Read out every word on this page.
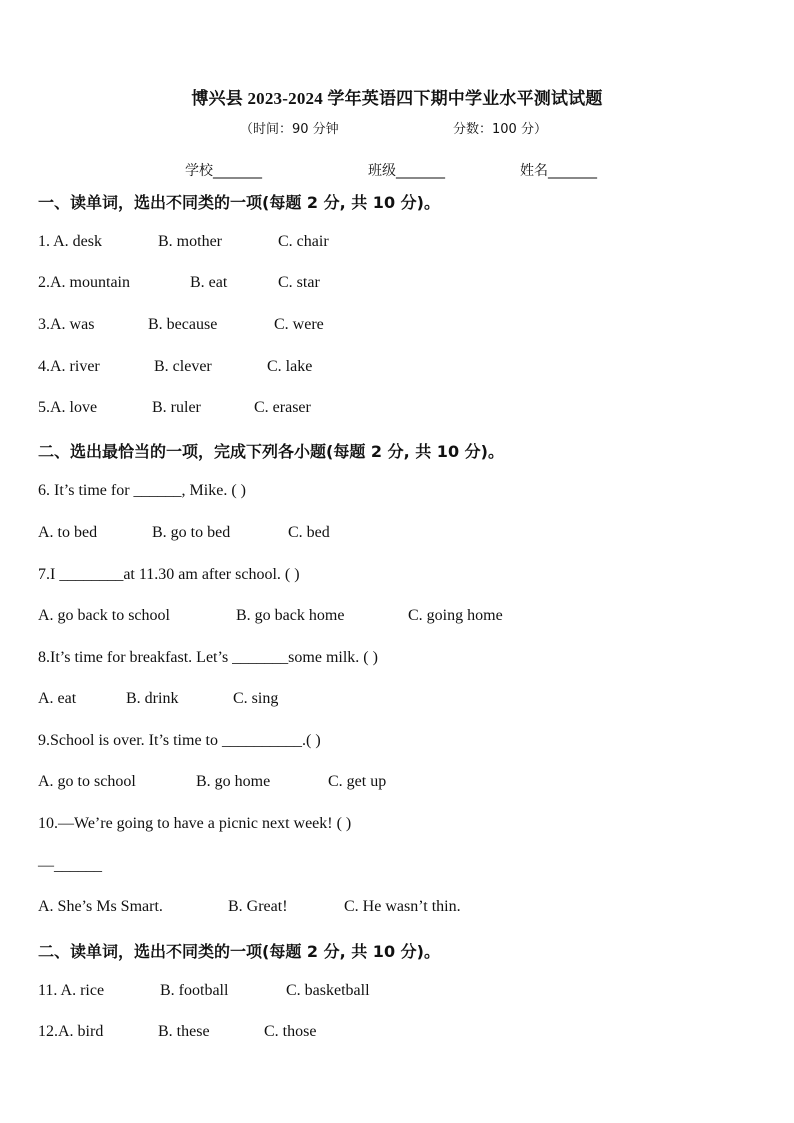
博兴县 2023-2024 学年英语四下期中学业水平测试试题
（时间：90 分钟	分数：100 分）
学校_______	班级_______	姓名_______
一、读单词，选出不同类的一项(每题 2 分, 共 10 分)。
1. A. desk	B. mother	C. chair
2.A. mountain	B. eat	C. star
3.A. was	B. because	C. were
4.A. river	B. clever	C. lake
5.A. love	B. ruler	C. eraser
二、选出最恰当的一项，完成下列各小题(每题 2 分, 共 10 分)。
6. It’s time for ______, Mike. ( )
A. to bed	B. go to bed	C. bed
7.I ________at 11.30 am after school. ( )
A. go back to school	B. go back home	C. going home
8.It’s time for breakfast. Let’s _______some milk. ( )
A. eat	B. drink	C. sing
9.School is over. It’s time to __________.( )
A. go to school	B. go home	C. get up
10.—We’re going to have a picnic next week! ( )
—______
A. She’s Ms Smart.	B. Great!	C. He wasn’t thin.
二、读单词，选出不同类的一项(每题 2 分, 共 10 分)。
11. A. rice	B. football	C. basketball
12.A. bird	B. these	C. those
